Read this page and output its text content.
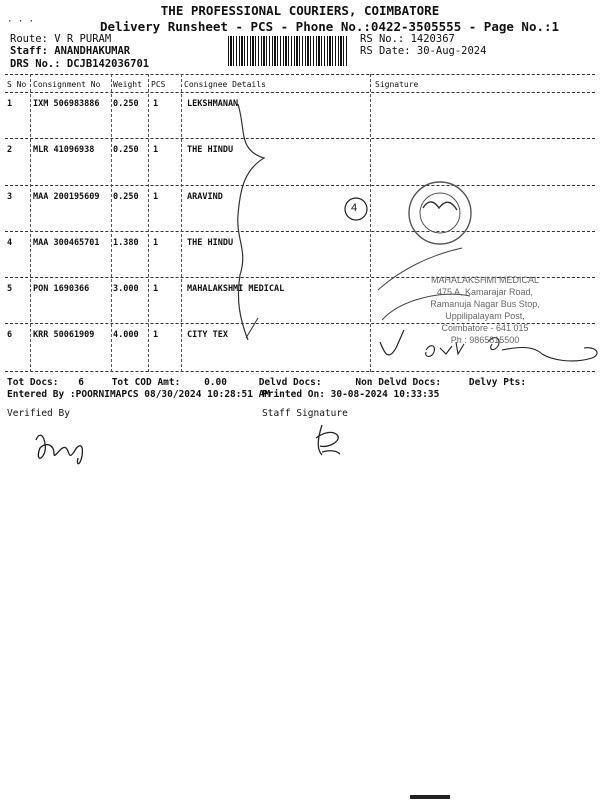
· · ·
THE PROFESSIONAL COURIERS, COIMBATORE
Delivery Runsheet - PCS - Phone No.:0422-3505555 - Page No.:1
Route: V R PURAM
Staff: ANANDHAKUMAR
DRS No.: DCJB142036701
RS No.: 1420367
RS Date: 30-Aug-2024
S No Consignment No Weight PCS Consignee Details	Signature
1 IXM 506983886 0.250 1	LEKSHMANAN
2 MLR 41096938 0.250 1	THE HINDU
3 MAA 200195609 0.250 1	ARAVIND
4 MAA 300465701 1.380 1	THE HINDU
5 PON 1690366	3.000 1	MAHALAKSHMI MEDICAL
6 KRR 50061909 4.000 1	CITY TEX
4
MAHALAKSHMI MEDICAL
475 A, Kamarajar Road,
Ramanuja Nagar Bus Stop,
Uppilipalayam Post,
Coimbatore - 641 015
Ph : 9865815500
Tot Docs: 6	Tot COD Amt: 0.00	Delvd Docs:	Non Delvd Docs:	Delvy Pts:
Entered By :POORNIMAPCS 08/30/2024 10:28:51 AM
Printed On: 30-08-2024 10:33:35
Verified By	Staff Signature
